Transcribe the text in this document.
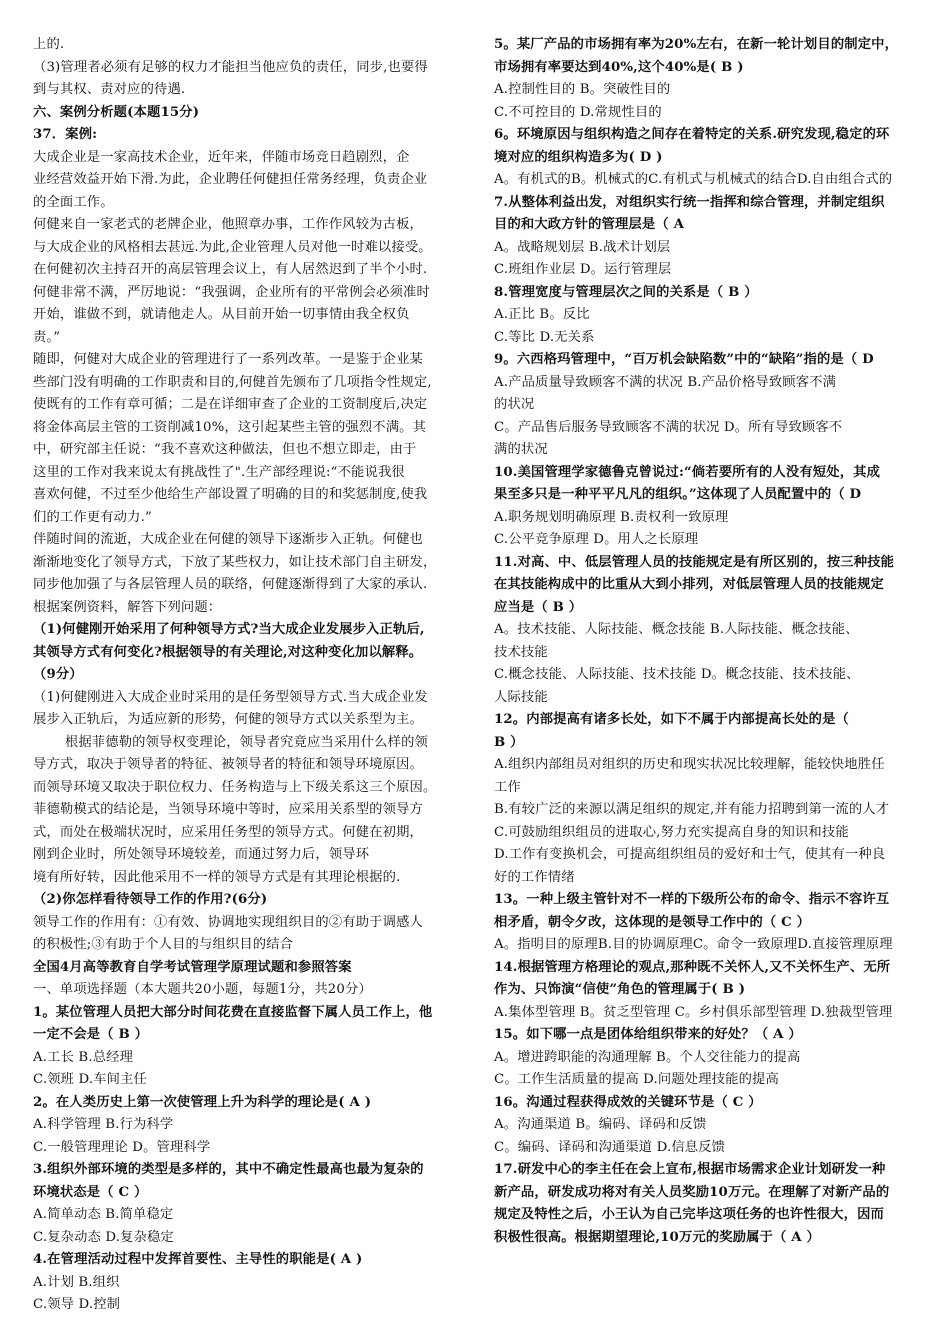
上的.
（3)管理者必须有足够的权力才能担当他应负的责任，同步,也要得
到与其权、责对应的待遇.
六、案例分析题(本题15分)
37．案例:
大成企业是一家高技术企业，近年来，伴随市场竞日趋剧烈，企
业经营效益开始下滑.为此，企业聘任何健担任常务经理，负责企业
的全面工作。
何健来自一家老式的老牌企业，他照章办事，工作作风较为古板，
与大成企业的风格相去甚远.为此,企业管理人员对他一时难以接受。
在何健初次主持召开的高层管理会议上，有人居然迟到了半个小时.
何健非常不满，严厉地说：“我强调，企业所有的平常例会必须准时
开始，谁做不到，就请他走人。从目前开始一切事情由我全权负
责。”
随即，何健对大成企业的管理进行了一系列改革。一是鉴于企业某
些部门没有明确的工作职责和目的,何健首先颁布了几项指令性规定,
使既有的工作有章可循；二是在详细审查了企业的工资制度后,决定
将金体高层主管的工资削减10%，这引起某些主管的强烈不满。其
中，研究部主任说：“我不喜欢这种做法，但也不想立即走，由于
这里的工作对我来说太有挑战性了".生产部经理说:“不能说我很
喜欢何健，不过至少他给生产部设置了明确的目的和奖惩制度,使我
们的工作更有动力.”
伴随时间的流逝，大成企业在何健的领导下逐渐步入正轨。何健也
渐渐地变化了领导方式，下放了某些权力，如让技术部门自主研发，
同步他加强了与各层管理人员的联络，何健逐渐得到了大家的承认.
根据案例资料，解答下列问题：
（1)何健刚开始采用了何种领导方式?当大成企业发展步入正轨后,
其领导方式有何变化?根据领导的有关理论,对这种变化加以解释。
（9分）
（1)何健刚进入大成企业时采用的是任务型领导方式.当大成企业发
展步入正轨后，为适应新的形势，何健的领导方式以关系型为主。
根据菲德勒的领导权变理论，领导者究竟应当采用什么样的领
导方式，取决于领导者的特征、被领导者的特征和领导环境原因。
而领导环境又取决于职位权力、任务构造与上下级关系这三个原因。
菲德勒模式的结论是，当领导环境中等时，应采用关系型的领导方
式，而处在极端状况时，应采用任务型的领导方式。何健在初期，
刚到企业时，所处领导环境较差，而通过努力后，领导环
境有所好转，因此他采用不一样的领导方式是有其理论根据的.
（2)你怎样看待领导工作的作用?(6分)
领导工作的作用有：①有效、协调地实现组织目的②有助于调感人
的积极性;③有助于个人目的与组织目的结合
全国4月高等教育自学考试管理学原理试题和参照答案
一、单项选择题（本大题共20小题，每题1分，共20分）
1。某位管理人员把大部分时间花费在直接监督下属人员工作上，他
一定不会是（ B ）
A.工长 B.总经理
C.领班 D.车间主任
2。在人类历史上第一次使管理上升为科学的理论是( A )
A.科学管理 B.行为科学
C.一般管理理论 D。管理科学
3.组织外部环境的类型是多样的，其中不确定性最高也最为复杂的
环境状态是（ C ）
A.简单动态 B.简单稳定
C.复杂动态 D.复杂稳定
4.在管理活动过程中发挥首要性、主导性的职能是( A )
A.计划 B.组织
C.领导 D.控制
5。某厂产品的市场拥有率为20%左右，在新一轮计划目的制定中，
市场拥有率要达到40%,这个40%是( B )
A.控制性目的 B。突破性目的
C.不可控目的 D.常规性目的
6。环境原因与组织构造之间存在着特定的关系.研究发现,稳定的环
境对应的组织构造多为( D )
A。有机式的B。机械式的C.有机式与机械式的结合D.自由组合式的
7.从整体利益出发，对组织实行统一指挥和综合管理，并制定组织
目的和大政方针的管理层是（ A
A。战略规划层 B.战术计划层
C.班组作业层 D。运行管理层
8.管理宽度与管理层次之间的关系是（ B ）
A.正比 B。反比
C.等比 D.无关系
9。六西格玛管理中，“百万机会缺陷数”中的“缺陷”指的是（ D
A.产品质量导致顾客不满的状况 B.产品价格导致顾客不满
的状况
C。产品售后服务导致顾客不满的状况 D。所有导致顾客不
满的状况
10.美国管理学家德鲁克曾说过:“倘若要所有的人没有短处，其成
果至多只是一种平平凡凡的组织。”这体现了人员配置中的（ D
A.职务规划明确原理 B.责权利一致原理
C.公平竞争原理 D。用人之长原理
11.对高、中、低层管理人员的技能规定是有所区别的，按三种技能
在其技能构成中的比重从大到小排列，对低层管理人员的技能规定
应当是（ B ）
A。技术技能、人际技能、概念技能 B.人际技能、概念技能、
技术技能
C.概念技能、人际技能、技术技能 D。概念技能、技术技能、
人际技能
12。内部提高有诸多长处，如下不属于内部提高长处的是（
B ）
A.组织内部组员对组织的历史和现实状况比较理解，能较快地胜任
工作
B.有较广泛的来源以满足组织的规定,并有能力招聘到第一流的人才
C.可鼓励组织组员的进取心,努力充实提高自身的知识和技能
D.工作有变换机会，可提高组织组员的爱好和士气，使其有一种良
好的工作情绪
13。一种上级主管针对不一样的下级所公布的命令、指示不容许互
相矛盾，朝令夕改，这体现的是领导工作中的（ C ）
A。指明目的原理B.目的协调原理C。命令一致原理D.直接管理原理
14.根据管理方格理论的观点,那种既不关怀人,又不关怀生产、无所
作为、只饰演“信使”角色的管理属于( B )
A.集体型管理 B。贫乏型管理 C。乡村俱乐部型管理 D.独裁型管理
15。如下哪一点是团体给组织带来的好处？（ A ）
A。增进跨职能的沟通理解 B。个人交往能力的提高
C。工作生活质量的提高 D.问题处理技能的提高
16。沟通过程获得成效的关键环节是（ C ）
A。沟通渠道 B。编码、译码和反馈
C。编码、译码和沟通渠道 D.信息反馈
17.研发中心的李主任在会上宣布,根据市场需求企业计划研发一种
新产品，研发成功将对有关人员奖励10万元。在理解了对新产品的
规定及特性之后，小王认为自己完毕这项任务的也许性很大，因而
积极性很高。根据期望理论,10万元的奖励属于（ A ）
